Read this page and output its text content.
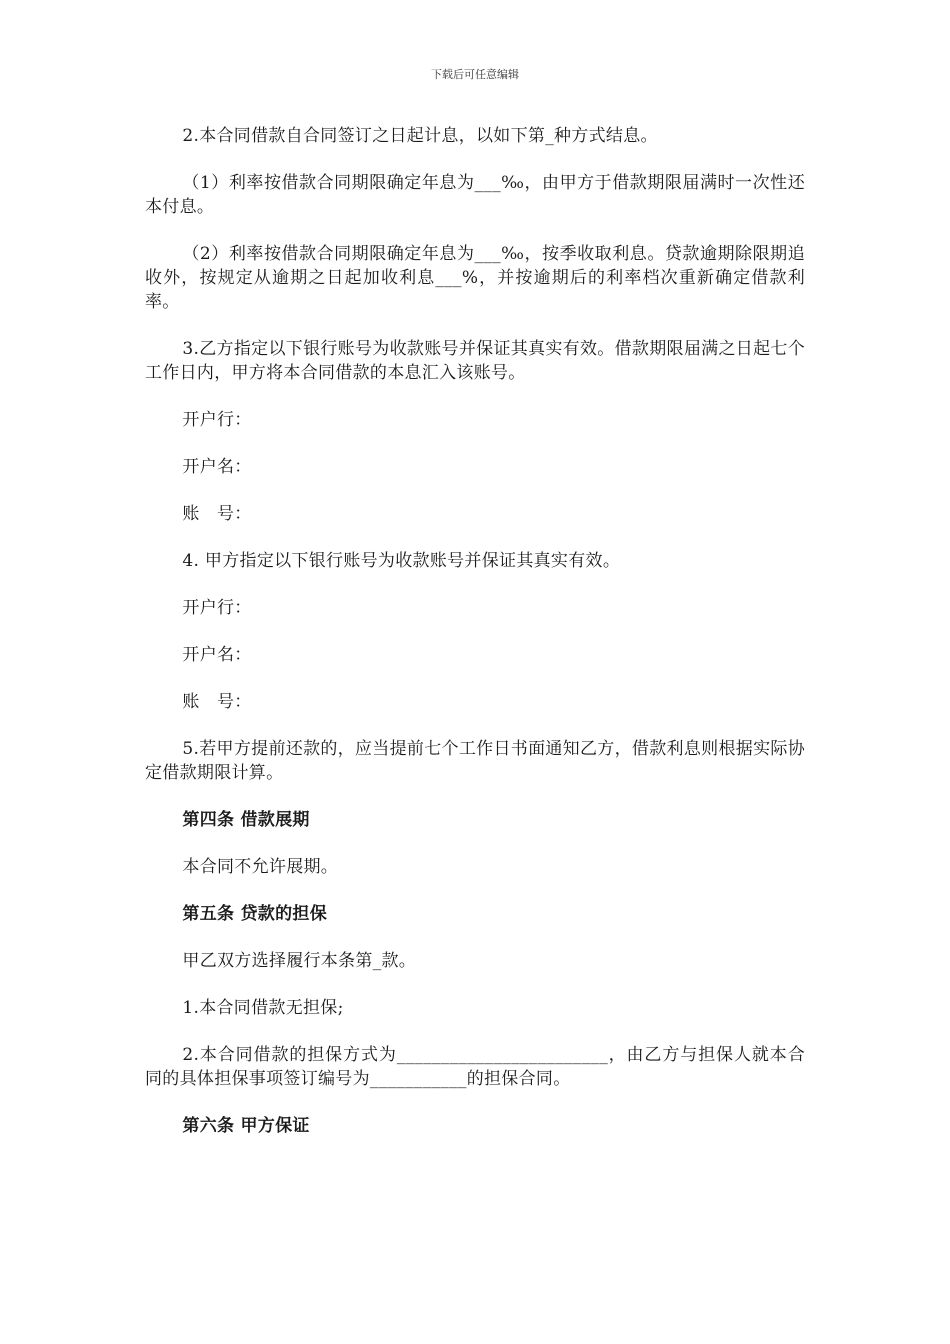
下载后可任意编辑

2.本合同借款自合同签订之日起计息，以如下第_种方式结息。

（1）利率按借款合同期限确定年息为___‰，由甲方于借款期限届满时一次性还本付息。

（2）利率按借款合同期限确定年息为___‰，按季收取利息。贷款逾期除限期追收外，按规定从逾期之日起加收利息___%，并按逾期后的利率档次重新确定借款利率。

3.乙方指定以下银行账号为收款账号并保证其真实有效。借款期限届满之日起七个工作日内，甲方将本合同借款的本息汇入该账号。

开户行：

开户名：

账　号：

4. 甲方指定以下银行账号为收款账号并保证其真实有效。

开户行：

开户名：

账　号：

5.若甲方提前还款的，应当提前七个工作日书面通知乙方，借款利息则根据实际协定借款期限计算。

第四条 借款展期

本合同不允许展期。

第五条 贷款的担保

甲乙双方选择履行本条第_款。

1.本合同借款无担保;

2.本合同借款的担保方式为________________________，由乙方与担保人就本合同的具体担保事项签订编号为___________的担保合同。

第六条 甲方保证
